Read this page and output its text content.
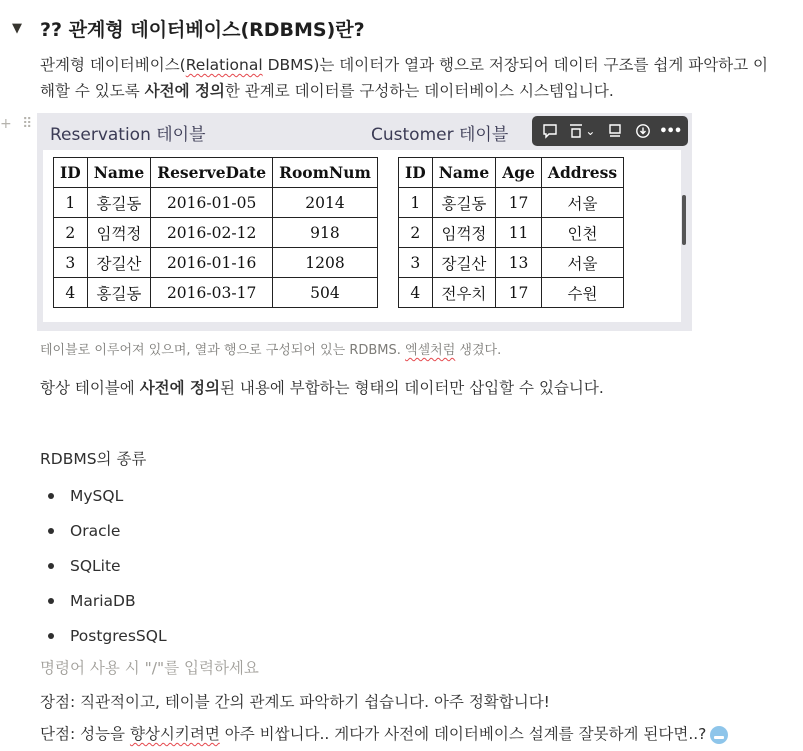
▼ ?? 관계형 데이터베이스(RDBMS)란?
관계형 데이터베이스(Relational DBMS)는 데이터가 열과 행으로 저장되어 데이터 구조를 쉽게 파악하고 이
해할 수 있도록 사전에 정의한 관계로 데이터를 구성하는 데이터베이스 시스템입니다.
+ ⠿
Reservation 테이블	Customer 테이블	⌄	•••
ID	Name	ReserveDate	RoomNum
1	홍길동	2016-01-05	2014
2	임꺽정	2016-02-12	918
3	장길산	2016-01-16	1208
4	홍길동	2016-03-17	504
ID	Name	Age	Address
1	홍길동	17	서울
2	임꺽정	11	인천
3	장길산	13	서울
4	전우치	17	수원
테이블로 이루어져 있으며, 열과 행으로 구성되어 있는 RDBMS. 엑셀처럼 생겼다.
항상 테이블에 사전에 정의된 내용에 부합하는 형태의 데이터만 삽입할 수 있습니다.
RDBMS의 종류
MySQL
Oracle
SQLite
MariaDB
PostgresSQL
명령어 사용 시 "/"를 입력하세요
장점: 직관적이고, 테이블 간의 관계도 파악하기 쉽습니다. 아주 정확합니다!
단점: 성능을 향상시키려면 아주 비쌉니다.. 게다가 사전에 데이터베이스 설계를 잘못하게 된다면..?
